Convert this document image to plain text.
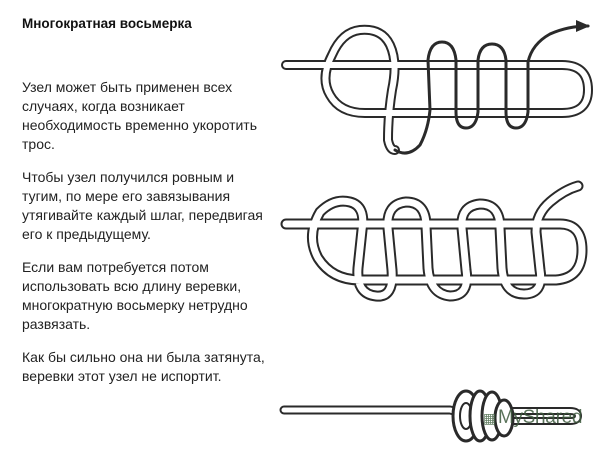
Многократная восьмерка

Узел может быть применен всех случаях, когда возникает необходимость временно укоротить трос.

Чтобы узел получился ровным и тугим, по мере его завязывания утягивайте каждый шлаг, передвигая его к предыдущему.

Если вам потребуется потом использовать всю длину веревки, многократную восьмерку нетрудно развязать.

Как бы сильно она ни была затянута, веревки этот узел не испортит.

▦ MyShared
